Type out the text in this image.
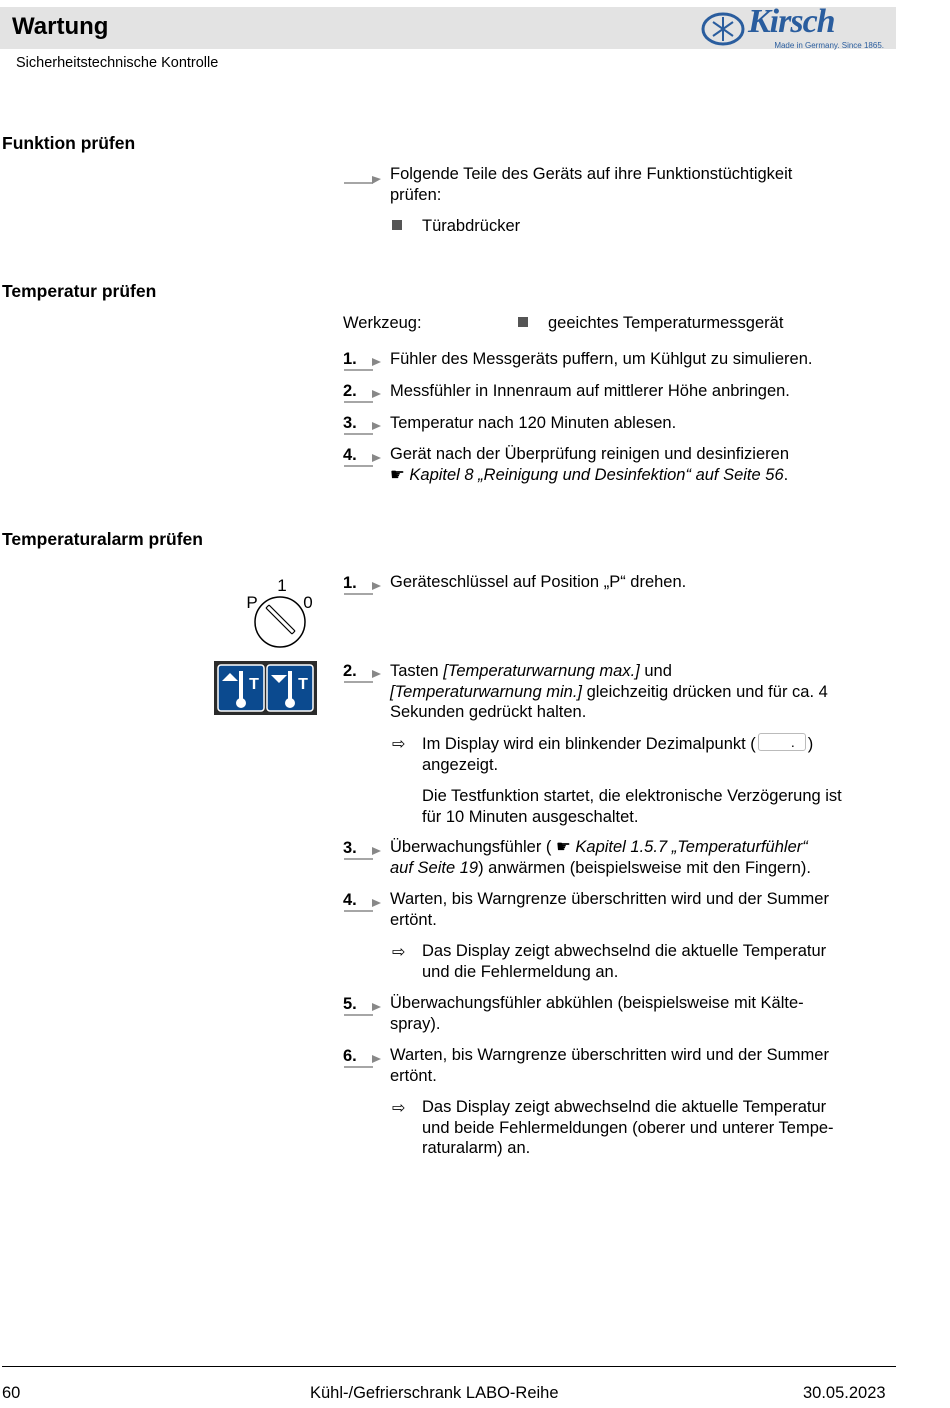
Wartung
Sicherheitstechnische Kontrolle
Kirsch
Made in Germany. Since 1865.
Funktion prüfen
Folgende Teile des Geräts auf ihre Funktionstüchtigkeit
prüfen:
Türabdrücker
Temperatur prüfen
Werkzeug:	geeichtes Temperaturmessgerät
1. Fühler des Messgeräts puffern, um Kühlgut zu simulieren.
2. Messfühler in Innenraum auf mittlerer Höhe anbringen.
3. Temperatur nach 120 Minuten ablesen.
4. Gerät nach der Überprüfung reinigen und desinfizieren
☛ Kapitel 8 „Reinigung und Desinfektion“ auf Seite 56.
Temperaturalarm prüfen
1
P	0
T T
1. Geräteschlüssel auf Position „P“ drehen.
2. Tasten [Temperaturwarnung max.] und
[Temperaturwarnung min.] gleichzeitig drücken und für ca. 4
Sekunden gedrückt halten.
⇨ Im Display wird ein blinkender Dezimalpunkt (	. )
angezeigt.
Die Testfunktion startet, die elektronische Verzögerung ist
für 10 Minuten ausgeschaltet.
3. Überwachungsfühler ( ☛ Kapitel 1.5.7 „Temperaturfühler“
auf Seite 19) anwärmen (beispielsweise mit den Fingern).
4. Warten, bis Warngrenze überschritten wird und der Summer
ertönt.
⇨ Das Display zeigt abwechselnd die aktuelle Temperatur
und die Fehlermeldung an.
5. Überwachungsfühler abkühlen (beispielsweise mit Kälte-
spray).
6. Warten, bis Warngrenze überschritten wird und der Summer
ertönt.
⇨ Das Display zeigt abwechselnd die aktuelle Temperatur
und beide Fehlermeldungen (oberer und unterer Tempe-
raturalarm) an.
60	Kühl-/Gefrierschrank LABO-Reihe	30.05.2023
